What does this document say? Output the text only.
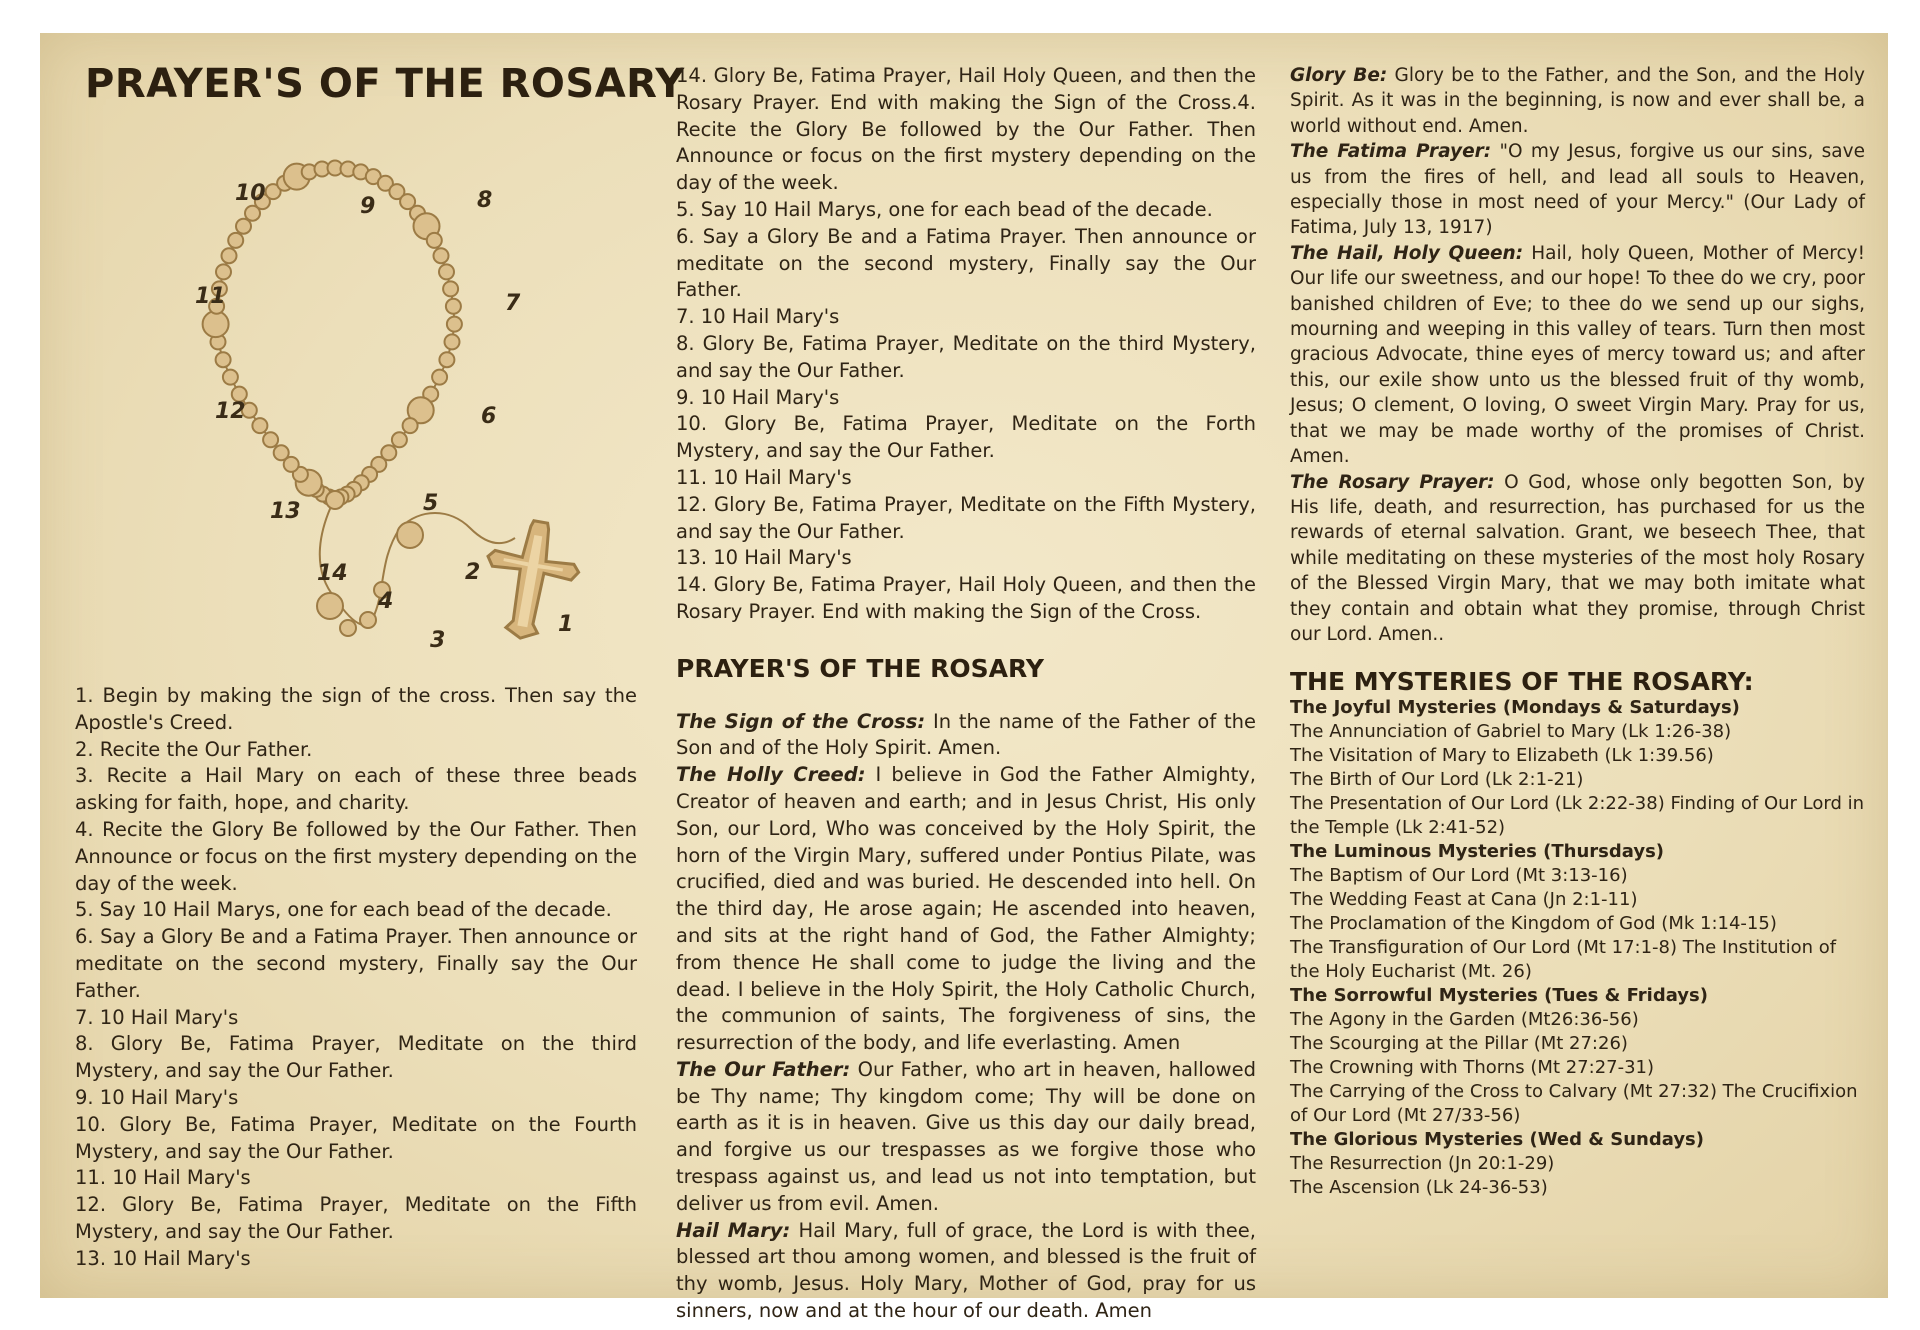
PRAYER'S OF THE ROSARY
1
2
3
4
5
6
7
8
9
10
11
12
13
14

1. Begin by making the sign of the cross. Then say the Apostle's Creed.

2. Recite the Our Father.

3. Recite a Hail Mary on each of these three beads asking for faith, hope, and charity.

4. Recite the Glory Be followed by the Our Father. Then Announce or focus on the first mystery depending on the day of the week.

5. Say 10 Hail Marys, one for each bead of the decade.

6. Say a Glory Be and a Fatima Prayer. Then announce or meditate on the second mystery, Finally say the Our Father.

7. 10 Hail Mary's

8. Glory Be, Fatima Prayer, Meditate on the third Mystery, and say the Our Father.

9. 10 Hail Mary's

10. Glory Be, Fatima Prayer, Meditate on the Fourth Mystery, and say the Our Father.

11. 10 Hail Mary's

12. Glory Be, Fatima Prayer, Meditate on the Fifth Mystery, and say the Our Father.

13. 10 Hail Mary's

14. Glory Be, Fatima Prayer, Hail Holy Queen, and then the Rosary Prayer. End with making the Sign of the Cross.4. Recite the Glory Be followed by the Our Father. Then Announce or focus on the first mystery depending on the day of the week.

5. Say 10 Hail Marys, one for each bead of the decade.

6. Say a Glory Be and a Fatima Prayer. Then announce or meditate on the second mystery, Finally say the Our Father.

7. 10 Hail Mary's

8. Glory Be, Fatima Prayer, Meditate on the third Mystery, and say the Our Father.

9. 10 Hail Mary's

10. Glory Be, Fatima Prayer, Meditate on the Forth Mystery, and say the Our Father.

11. 10 Hail Mary's

12. Glory Be, Fatima Prayer, Meditate on the Fifth Mystery, and say the Our Father.

13. 10 Hail Mary's

14. Glory Be, Fatima Prayer, Hail Holy Queen, and then the Rosary Prayer. End with making the Sign of the Cross.

PRAYER'S OF THE ROSARY

The Sign of the Cross: In the name of the Father of the Son and of the Holy Spirit. Amen.

The Holly Creed: I believe in God the Father Almighty, Creator of heaven and earth; and in Jesus Christ, His only Son, our Lord, Who was conceived by the Holy Spirit, the horn of the Virgin Mary, suffered under Pontius Pilate, was crucified, died and was buried. He descended into hell. On the third day, He arose again; He ascended into heaven, and sits at the right hand of God, the Father Almighty; from thence He shall come to judge the living and the dead. I believe in the Holy Spirit, the Holy Catholic Church, the communion of saints, The forgiveness of sins, the resurrection of the body, and life everlasting. Amen

The Our Father: Our Father, who art in heaven, hallowed be Thy name; Thy kingdom come; Thy will be done on earth as it is in heaven. Give us this day our daily bread, and forgive us our trespasses as we forgive those who trespass against us, and lead us not into temptation, but deliver us from evil. Amen.

Hail Mary: Hail Mary, full of grace, the Lord is with thee, blessed art thou among women, and blessed is the fruit of thy womb, Jesus. Holy Mary, Mother of God, pray for us sinners, now and at the hour of our death. Amen

Glory Be: Glory be to the Father, and the Son, and the Holy Spirit. As it was in the beginning, is now and ever shall be, a world without end. Amen.

The Fatima Prayer: "O my Jesus, forgive us our sins, save us from the fires of hell, and lead all souls to Heaven, especially those in most need of your Mercy." (Our Lady of Fatima, July 13, 1917)

The Hail, Holy Queen: Hail, holy Queen, Mother of Mercy! Our life our sweetness, and our hope! To thee do we cry, poor banished children of Eve; to thee do we send up our sighs, mourning and weeping in this valley of tears. Turn then most gracious Advocate, thine eyes of mercy toward us; and after this, our exile show unto us the blessed fruit of thy womb, Jesus; O clement, O loving, O sweet Virgin Mary. Pray for us, that we may be made worthy of the promises of Christ. Amen.

The Rosary Prayer: O God, whose only begotten Son, by His life, death, and resurrection, has purchased for us the rewards of eternal salvation. Grant, we beseech Thee, that while meditating on these mysteries of the most holy Rosary of the Blessed Virgin Mary, that we may both imitate what they contain and obtain what they promise, through Christ our Lord. Amen..

THE MYSTERIES OF THE ROSARY:
The Joyful Mysteries (Mondays & Saturdays)
The Annunciation of Gabriel to Mary (Lk 1:26-38)
The Visitation of Mary to Elizabeth (Lk 1:39.56)
The Birth of Our Lord (Lk 2:1-21)
The Presentation of Our Lord (Lk 2:22-38) Finding of Our Lord in the Temple (Lk 2:41-52)
The Luminous Mysteries (Thursdays)
The Baptism of Our Lord (Mt 3:13-16)
The Wedding Feast at Cana (Jn 2:1-11)
The Proclamation of the Kingdom of God (Mk 1:14-15)
The Transfiguration of Our Lord (Mt 17:1-8) The Institution of the Holy Eucharist (Mt. 26)
The Sorrowful Mysteries (Tues & Fridays)
The Agony in the Garden (Mt26:36-56)
The Scourging at the Pillar (Mt 27:26)
The Crowning with Thorns (Mt 27:27-31)
The Carrying of the Cross to Calvary (Mt 27:32) The Crucifixion of Our Lord (Mt 27/33-56)
The Glorious Mysteries (Wed & Sundays)
The Resurrection (Jn 20:1-29)
The Ascension (Lk 24-36-53)
